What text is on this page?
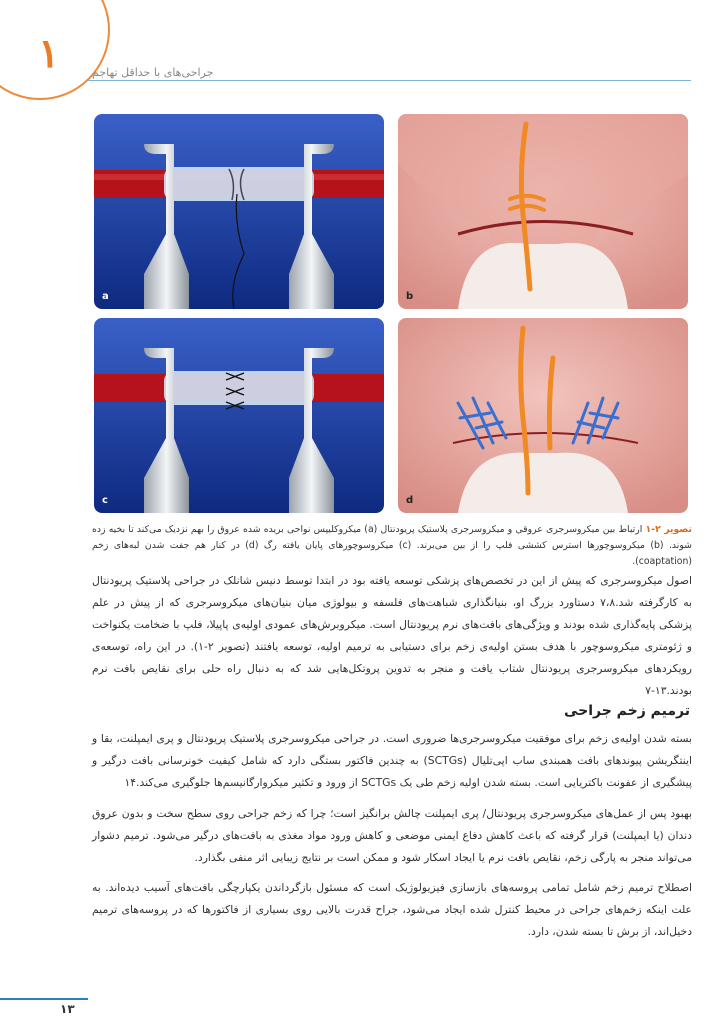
۱	جراحی‌های با حداقل تهاجم
a	b
c	d
تصویر ۲-۱ ارتباط بین میکروسرجری عروقی و میکروسرجری پلاستیک پریودنتال (a) میکروکلیپس نواحی بریده شده عروق را بهم نزدیک می‌کند تا بخیه زده شوند. (b) میکروسوچورها استرس کششی فلپ را از بین می‌برند. (c) میکروسوچورهای پایان یافته رگ (d) در کنار هم جفت شدن لبه‌های زخم (coaptation).
اصول میکروسرجری که پیش از این در تخصص‌های پزشکی توسعه یافته بود در ابتدا توسط دنیس شانلک در جراحی پلاستیک پریودنتال به کارگرفته شد.۷،۸ دستاورد بزرگ او، بنیانگذاری شباهت‌های فلسفه و بیولوژی میان بنیان‌های میکروسرجری که از پیش در علم پزشکی پایه‌گذاری شده بودند و ویژگی‌های بافت‌های نرم پریودنتال است. میکروبرش‌های عمودی اولیه‌ی پاپیلا، فلپ با ضخامت یکنواخت و ژئومتری میکروسوچور با هدف بستن اولیه‌ی زخم برای دستیابی به ترمیم اولیه، توسعه یافتند (تصویر ۲-۱). در این راه، توسعه‌ی رویکردهای میکروسرجری پریودنتال شتاب یافت و منجر به تدوین پروتکل‌هایی شد که به دنبال راه حلی برای نقایص بافت نرم بودند.۱۳-۷
ترمیم زخم جراحی
بسته شدن اولیه‌ی زخم برای موفقیت میکروسرجری‌ها ضروری است. در جراحی میکروسرجری پلاستیک پریودنتال و پری ایمپلنت، بقا و اینتگریشن پیوندهای بافت همبندی ساب اپی‌تلیال (SCTGs) به چندین فاکتور بستگی دارد که شامل کیفیت خونرسانی بافت درگیر و پیشگیری از عفونت باکتریایی است. بسته شدن اولیه زخم طی یک SCTGs از ورود و تکثیر میکروارگانیسم‌ها جلوگیری می‌کند.۱۴
بهبود پس از عمل‌های میکروسرجری پریودنتال/ پری ایمپلنت چالش برانگیز است؛ چرا که زخم جراحی روی سطح سخت و بدون عروق دندان (یا ایمپلنت) قرار گرفته که باعث کاهش دفاع ایمنی موضعی و کاهش ورود مواد مغذی به بافت‌های درگیر می‌شود. ترمیم دشوار می‌تواند منجر به پارگی زخم، نقایص بافت نرم یا ایجاد اسکار شود و ممکن است بر نتایج زیبایی اثر منفی بگذارد.
اصطلاح ترمیم زخم شامل تمامی پروسه‌های بازسازی فیزیولوژیک است که مسئول بازگرداندن یکپارچگی بافت‌های آسیب دیده‌اند. به علت اینکه زخم‌های جراحی در محیط کنترل شده ایجاد می‌شود، جراح قدرت بالایی روی بسیاری از فاکتورها که در پروسه‌های ترمیم دخیل‌اند، از برش تا بسته شدن، دارد.
۱۳
